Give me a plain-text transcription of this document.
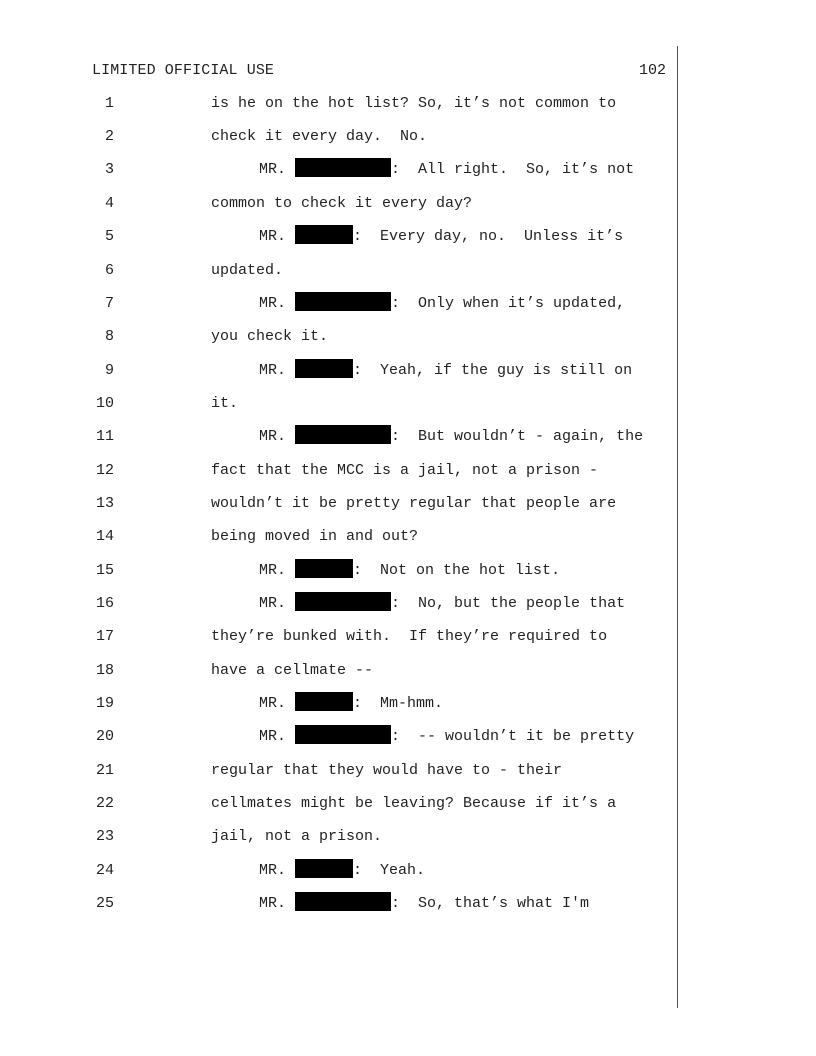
LIMITED OFFICIAL USE	102
1	is he on the hot list? So, it’s not common to
2	check it every day.  No.
3	MR.	:  All right.  So, it’s not
4	common to check it every day?
5	MR.	:  Every day, no.  Unless it’s
6	updated.
7	MR.	:  Only when it’s updated,
8	you check it.
9	MR.	:  Yeah, if the guy is still on
10	it.
11	MR.	:  But wouldn’t - again, the
12	fact that the MCC is a jail, not a prison -
13	wouldn’t it be pretty regular that people are
14	being moved in and out?
15	MR.	:  Not on the hot list.
16	MR.	:  No, but the people that
17	they’re bunked with.  If they’re required to
18	have a cellmate --
19	MR.	:  Mm-hmm.
20	MR.	:  -- wouldn’t it be pretty
21	regular that they would have to - their
22	cellmates might be leaving? Because if it’s a
23	jail, not a prison.
24	MR.	:  Yeah.
25	MR.	:  So, that’s what I'm
